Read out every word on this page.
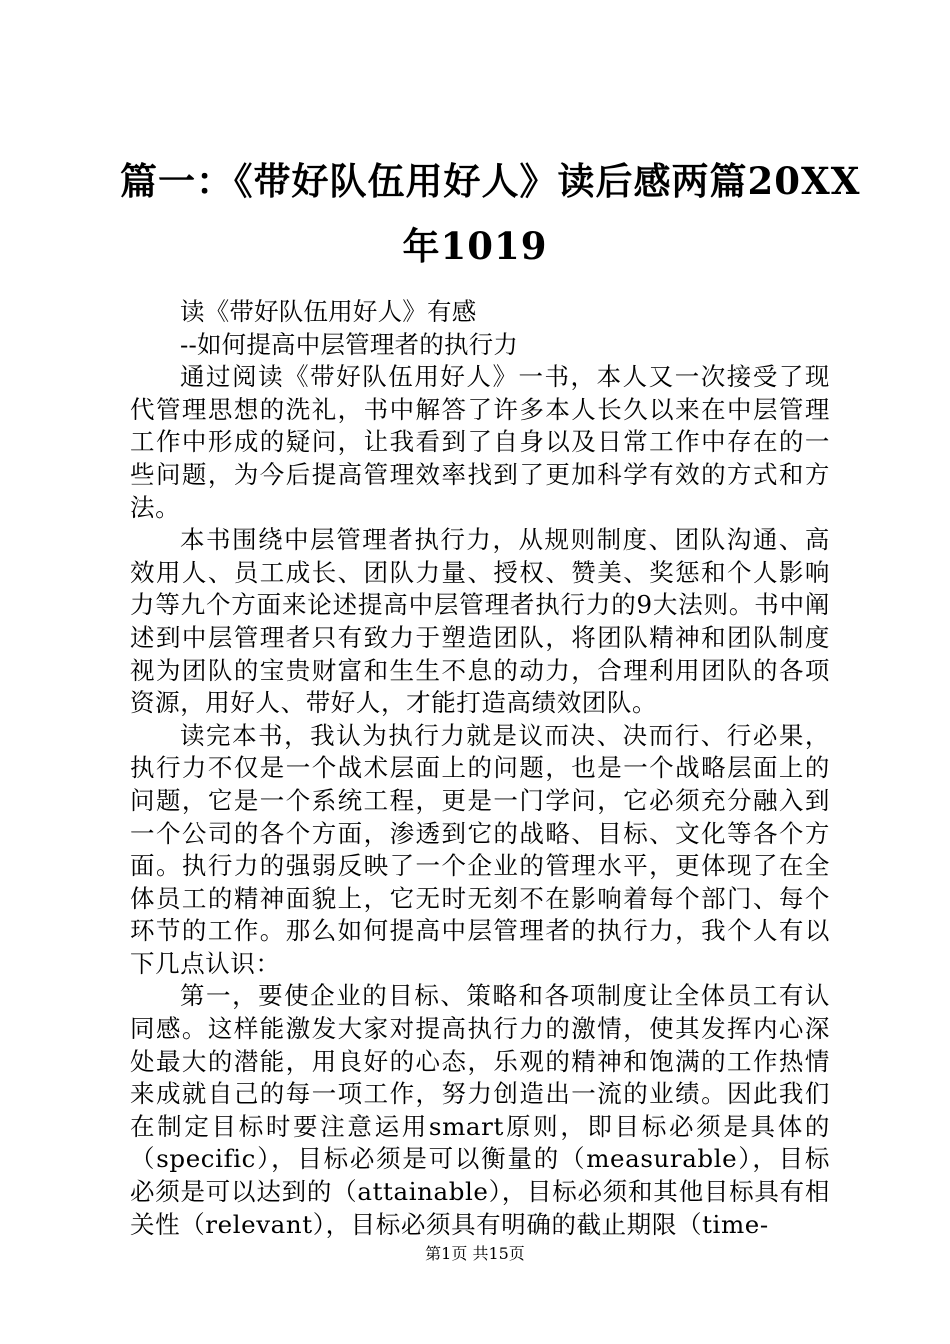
篇一：《带好队伍用好人》读后感两篇20XX
年1019

读《带好队伍用好人》有感

--如何提高中层管理者的执行力

通过阅读《带好队伍用好人》一书，本人又一次接受了现代管理思想的洗礼，书中解答了许多本人长久以来在中层管理工作中形成的疑问，让我看到了自身以及日常工作中存在的一些问题，为今后提高管理效率找到了更加科学有效的方式和方法。

本书围绕中层管理者执行力，从规则制度、团队沟通、高效用人、员工成长、团队力量、授权、赞美、奖惩和个人影响力等九个方面来论述提高中层管理者执行力的9大法则。书中阐述到中层管理者只有致力于塑造团队，将团队精神和团队制度视为团队的宝贵财富和生生不息的动力，合理利用团队的各项资源，用好人、带好人，才能打造高绩效团队。

读完本书，我认为执行力就是议而决、决而行、行必果，执行力不仅是一个战术层面上的问题，也是一个战略层面上的问题，它是一个系统工程，更是一门学问，它必须充分融入到一个公司的各个方面，渗透到它的战略、目标、文化等各个方面。执行力的强弱反映了一个企业的管理水平，更体现了在全体员工的精神面貌上，它无时无刻不在影响着每个部门、每个环节的工作。那么如何提高中层管理者的执行力，我个人有以下几点认识：

第一，要使企业的目标、策略和各项制度让全体员工有认同感。这样能激发大家对提高执行力的激情，使其发挥内心深处最大的潜能，用良好的心态，乐观的精神和饱满的工作热情来成就自己的每一项工作，努力创造出一流的业绩。因此我们在制定目标时要注意运用smart原则，即目标必须是具体的（specific），目标必须是可以衡量的（measurable），目标必须是可以达到的（attainable），目标必须和其他目标具有相关性（relevant），目标必须具有明确的截止期限（time-

第1页 共15页
